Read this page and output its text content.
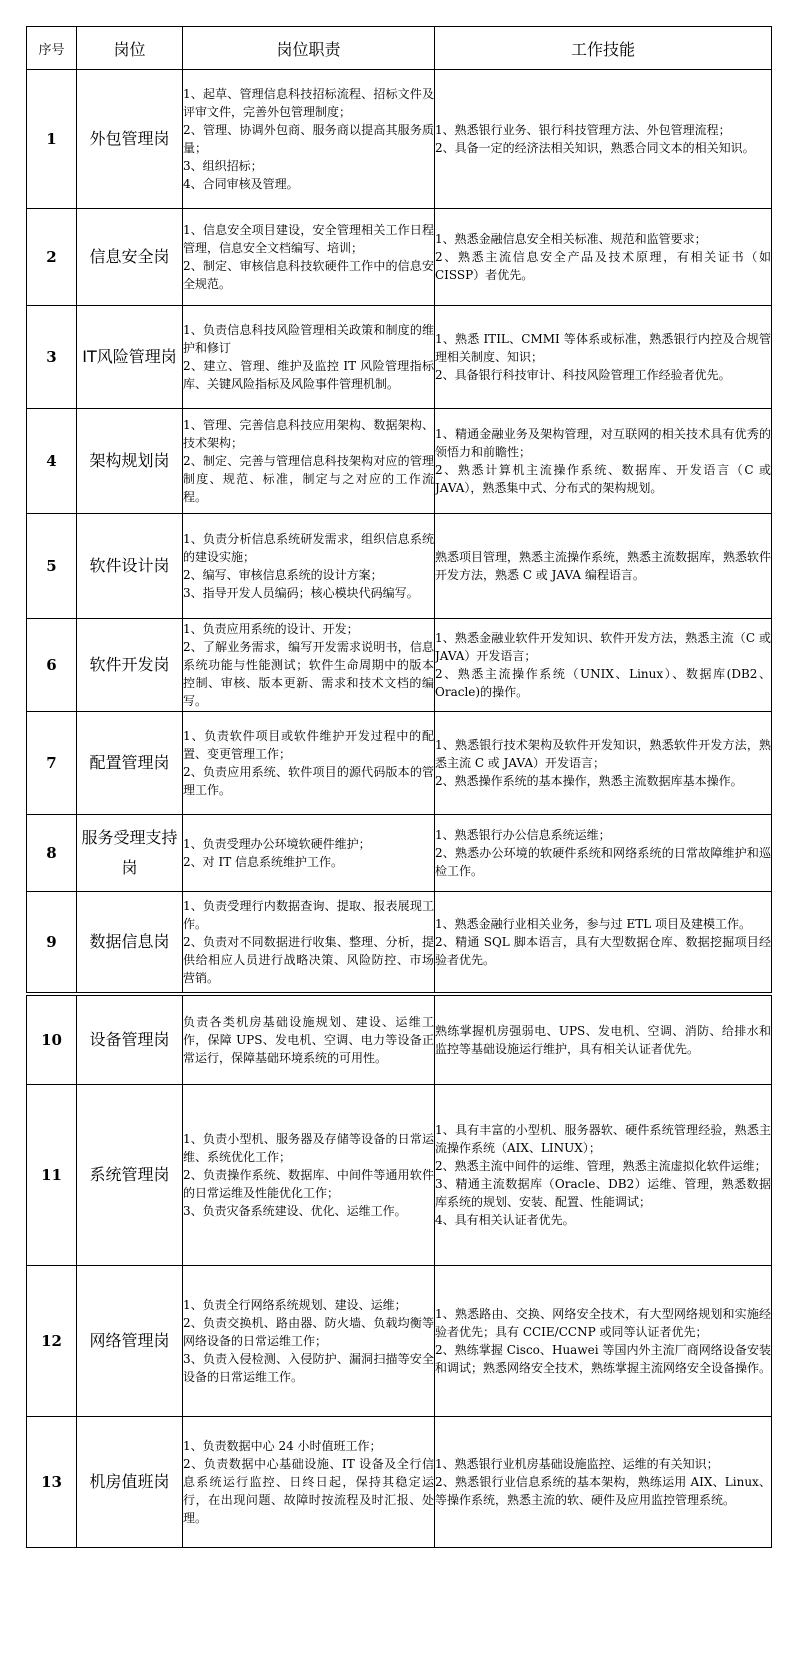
序号	岗位	岗位职责	工作技能
1	外包管理岗	1、起草、管理信息科技招标流程、招标文件及评审文件，完善外包管理制度；
2、管理、协调外包商、服务商以提高其服务质量；
3、组织招标；
4、合同审核及管理。	1、熟悉银行业务、银行科技管理方法、外包管理流程；
2、具备一定的经济法相关知识，熟悉合同文本的相关知识。

2	信息安全岗	1、信息安全项目建设，安全管理相关工作日程管理，信息安全文档编写、培训；
2、制定、审核信息科技软硬件工作中的信息安全规范。	1、熟悉金融信息安全相关标准、规范和监管要求；
2、熟悉主流信息安全产品及技术原理，有相关证书（如 CISSP）者优先。

3	IT风险管理岗	1、负责信息科技风险管理相关政策和制度的维护和修订
2、建立、管理、维护及监控 IT 风险管理指标库、关键风险指标及风险事件管理机制。	1、熟悉 ITIL、CMMI 等体系或标准，熟悉银行内控及合规管理相关制度、知识；
2、具备银行科技审计、科技风险管理工作经验者优先。

4	架构规划岗	1、管理、完善信息科技应用架构、数据架构、技术架构；
2、制定、完善与管理信息科技架构对应的管理制度、规范、标准，制定与之对应的工作流程。	1、精通金融业务及架构管理，对互联网的相关技术具有优秀的领悟力和前瞻性；
2、熟悉计算机主流操作系统、数据库、开发语言（C 或 JAVA），熟悉集中式、分布式的架构规划。

5	软件设计岗	1、负责分析信息系统研发需求，组织信息系统的建设实施；
2、编写、审核信息系统的设计方案；
3、指导开发人员编码；核心模块代码编写。	熟悉项目管理，熟悉主流操作系统，熟悉主流数据库，熟悉软件开发方法，熟悉 C 或 JAVA 编程语言。

6	软件开发岗	1、负责应用系统的设计、开发；
2、了解业务需求，编写开发需求说明书，信息系统功能与性能测试；软件生命周期中的版本控制、审核、版本更新、需求和技术文档的编写。	1、熟悉金融业软件开发知识、软件开发方法，熟悉主流（C 或 JAVA）开发语言；
2、熟悉主流操作系统（UNIX、Linux）、数据库(DB2、Oracle)的操作。

7	配置管理岗	1、负责软件项目或软件维护开发过程中的配置、变更管理工作；
2、负责应用系统、软件项目的源代码版本的管理工作。	1、熟悉银行技术架构及软件开发知识，熟悉软件开发方法，熟悉主流 C 或 JAVA）开发语言；
2、熟悉操作系统的基本操作，熟悉主流数据库基本操作。

8	服务受理支持岗	1、负责受理办公环境软硬件维护；
2、对 IT 信息系统维护工作。	1、熟悉银行办公信息系统运维；
2、熟悉办公环境的软硬件系统和网络系统的日常故障维护和巡检工作。

9	数据信息岗	1、负责受理行内数据查询、提取、报表展现工作。
2、负责对不同数据进行收集、整理、分析，提供给相应人员进行战略决策、风险防控、市场营销。	1、熟悉金融行业相关业务，参与过 ETL 项目及建模工作。
2、精通 SQL 脚本语言，具有大型数据仓库、数据挖掘项目经验者优先。

10	设备管理岗	负责各类机房基础设施规划、建设、运维工作，保障 UPS、发电机、空调、电力等设备正常运行，保障基础环境系统的可用性。	熟练掌握机房强弱电、UPS、发电机、空调、消防、给排水和监控等基础设施运行维护，具有相关认证者优先。

11	系统管理岗	1、负责小型机、服务器及存储等设备的日常运维、系统优化工作；
2、负责操作系统、数据库、中间件等通用软件的日常运维及性能优化工作；
3、负责灾备系统建设、优化、运维工作。	1、具有丰富的小型机、服务器软、硬件系统管理经验，熟悉主流操作系统（AIX、LINUX）；
2、熟悉主流中间件的运维、管理，熟悉主流虚拟化软件运维；
3、精通主流数据库（Oracle、DB2）运维、管理，熟悉数据库系统的规划、安装、配置、性能调试；
4、具有相关认证者优先。

12	网络管理岗	1、负责全行网络系统规划、建设、运维；
2、负责交换机、路由器、防火墙、负载均衡等网络设备的日常运维工作；
3、负责入侵检测、入侵防护、漏洞扫描等安全设备的日常运维工作。	1、熟悉路由、交换、网络安全技术，有大型网络规划和实施经验者优先；具有 CCIE/CCNP 或同等认证者优先；
2、熟练掌握 Cisco、Huawei 等国内外主流厂商网络设备安装和调试；熟悉网络安全技术，熟练掌握主流网络安全设备操作。

13	机房值班岗	1、负责数据中心 24 小时值班工作；
2、负责数据中心基础设施、IT 设备及全行信息系统运行监控、日终日起，保持其稳定运行，在出现问题、故障时按流程及时汇报、处理。	1、熟悉银行业机房基础设施监控、运维的有关知识；
2、熟悉银行业信息系统的基本架构，熟练运用 AIX、Linux、等操作系统，熟悉主流的软、硬件及应用监控管理系统。
